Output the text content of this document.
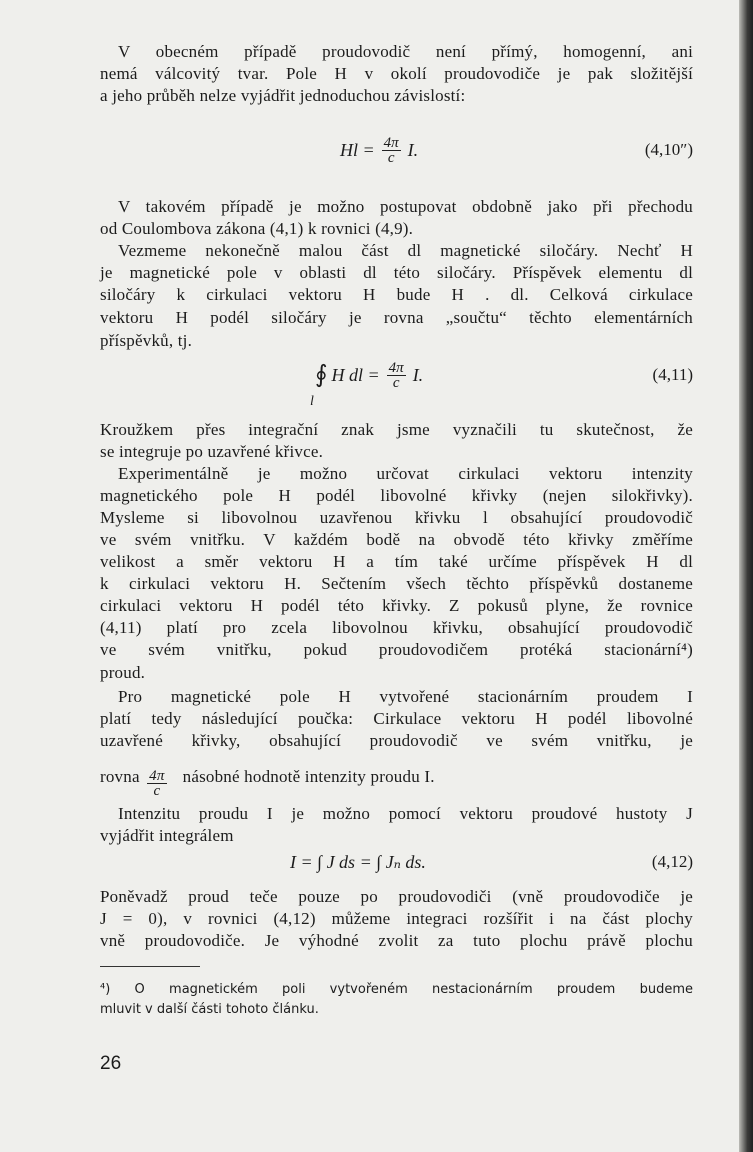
V obecném případě proudovodič není přímý, homogenní, ani
nemá válcovitý tvar. Pole H v okolí proudovodiče je pak složitější
a jeho průběh nelze vyjádřit jednoduchou závislostí:
$Hl = \frac{4\pi}{c} I$.	(4,10″)
V takovém případě je možno postupovat obdobně jako při přechodu
od Coulombova zákona (4,1) k rovnici (4,9).
Vezmeme nekonečně malou část dl magnetické siločáry. Nechť H
je magnetické pole v oblasti dl této siločáry. Příspěvek elementu dl
siločáry k cirkulaci vektoru H bude H . dl. Celková cirkulace
vektoru H podél siločáry je rovna „součtu“ těchto elementárních
příspěvků, tj.
l
∮ H dl = $\frac{4\pi}{c} I$.	(4,11)
Kroužkem přes integrační znak jsme vyznačili tu skutečnost, že
se integruje po uzavřené křivce.
Experimentálně je možno určovat cirkulaci vektoru intenzity
magnetického pole H podél libovolné křivky (nejen silokřivky).
Mysleme si libovolnou uzavřenou křivku l obsahující proudovodič
ve svém vnitřku. V každém bodě na obvodě této křivky změříme
velikost a směr vektoru H a tím také určíme příspěvek H dl
k cirkulaci vektoru H. Sečtením všech těchto příspěvků dostaneme
cirkulaci vektoru H podél této křivky. Z pokusů plyne, že rovnice
(4,11) platí pro zcela libovolnou křivku, obsahující proudovodič
ve svém vnitřku, pokud proudovodičem protéká stacionární⁴)
proud.
Pro magnetické pole H vytvořené stacionárním proudem I
platí tedy následující poučka: Cirkulace vektoru H podél libovolné
uzavřené křivky, obsahující proudovodič ve svém vnitřku, je
rovna $\frac{4\pi}{c}$ násobné hodnotě intenzity proudu I.
Intenzitu proudu I je možno pomocí vektoru proudové hustoty J
vyjádřit integrálem
I = ∫ J ds = ∫ Jₙ ds.	(4,12)
Poněvadž proud teče pouze po proudovodiči (vně proudovodiče je
J = 0), v rovnici (4,12) můžeme integraci rozšířit i na část plochy
vně proudovodiče. Je výhodné zvolit za tuto plochu právě plochu
⁴) O magnetickém poli vytvořeném nestacionárním proudem budeme
mluvit v další části tohoto článku.
26
